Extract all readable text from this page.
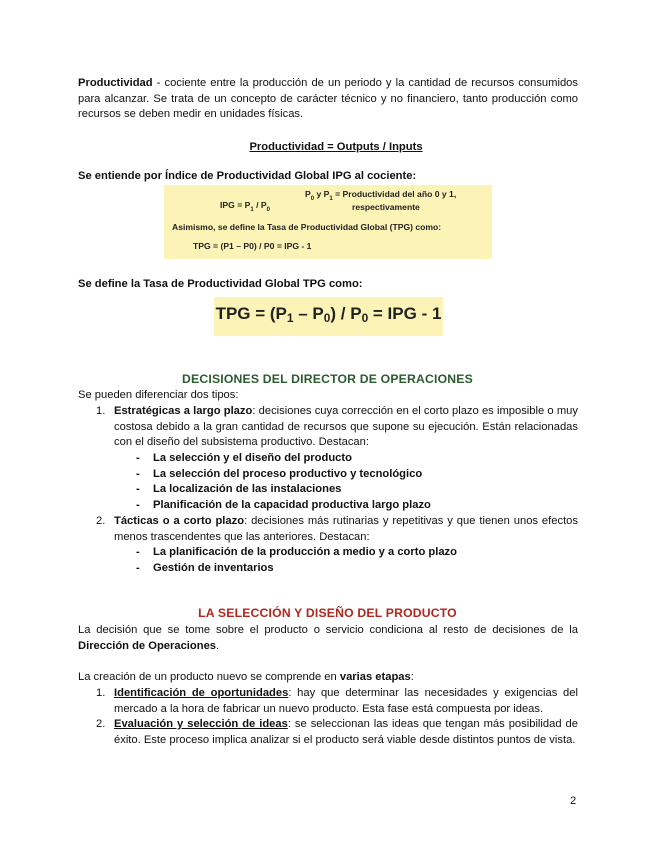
Productividad - cociente entre la producción de un periodo y la cantidad de recursos consumidos para alcanzar. Se trata de un concepto de carácter técnico y no financiero, tanto producción como recursos se deben medir en unidades físicas.
Productividad = Outputs / Inputs
Se entiende por Índice de Productividad Global IPG al cociente:
IPG = $P_1 / P_0$
$P_0$ y $P_1$ = Productividad del año 0 y 1,
respectivamente
Asimismo, se define la Tasa de Productividad Global (TPG) como:
TPG = (P1 – P0) / P0 = IPG - 1
Se define la Tasa de Productividad Global TPG como:
TPG = $(P_1 - P_0) / P_0$ = IPG - 1
DECISIONES DEL DIRECTOR DE OPERACIONES
Se pueden diferenciar dos tipos:
1. Estratégicas a largo plazo: decisiones cuya corrección en el corto plazo es imposible o muy costosa debido a la gran cantidad de recursos que supone su ejecución. Están relacionadas con el diseño del subsistema productivo. Destacan:
- La selección y el diseño del producto
- La selección del proceso productivo y tecnológico
- La localización de las instalaciones
- Planificación de la capacidad productiva largo plazo
2. Tácticas o a corto plazo: decisiones más rutinarias y repetitivas y que tienen unos efectos menos trascendentes que las anteriores. Destacan:
- La planificación de la producción a medio y a corto plazo
- Gestión de inventarios
LA SELECCIÓN Y DISEÑO DEL PRODUCTO
La decisión que se tome sobre el producto o servicio condiciona al resto de decisiones de la Dirección de Operaciones.
La creación de un producto nuevo se comprende en varias etapas:
1. Identificación de oportunidades: hay que determinar las necesidades y exigencias del mercado a la hora de fabricar un nuevo producto. Esta fase está compuesta por ideas.
2. Evaluación y selección de ideas: se seleccionan las ideas que tengan más posibilidad de éxito. Este proceso implica analizar si el producto será viable desde distintos puntos de vista.
2
